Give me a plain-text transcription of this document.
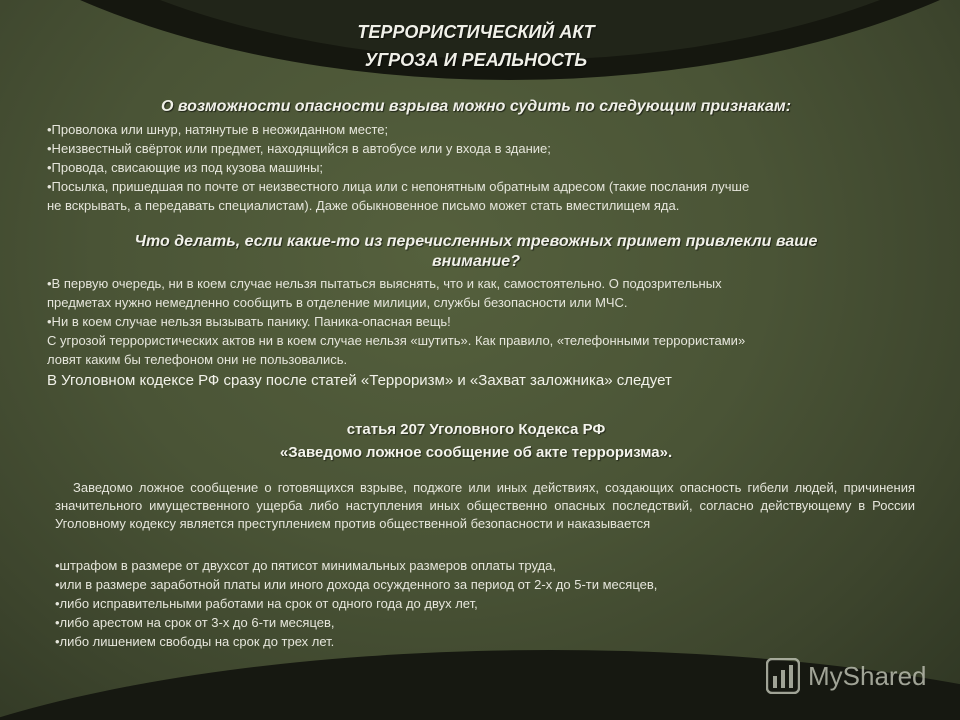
ТЕРРОРИСТИЧЕСКИЙ АКТ
УГРОЗА И РЕАЛЬНОСТЬ
О возможности опасности взрыва можно судить по следующим признакам:
•Проволока или шнур, натянутые в неожиданном месте;
•Неизвестный свёрток или предмет, находящийся в автобусе или у входа в здание;
•Провода, свисающие из под кузова машины;
•Посылка, пришедшая по почте от неизвестного лица или с непонятным обратным адресом (такие послания лучше
не вскрывать, а передавать специалистам). Даже обыкновенное письмо может стать вместилищем яда.
Что делать, если какие-то из перечисленных тревожных примет привлекли ваше
внимание?
•В первую очередь, ни в коем случае нельзя пытаться выяснять, что и как, самостоятельно. О подозрительных
предметах нужно немедленно сообщить в отделение милиции, службы безопасности или МЧС.
•Ни в коем случае нельзя вызывать панику. Паника-опасная вещь!
С угрозой террористических актов ни в коем случае нельзя «шутить». Как правило, «телефонными террористами»
ловят каким бы телефоном они не пользовались.
В Уголовном кодексе РФ сразу после статей «Терроризм» и «Захват заложника» следует
статья 207 Уголовного Кодекса РФ
«Заведомо ложное сообщение об акте терроризма».
Заведомо ложное сообщение о готовящихся взрыве, поджоге или иных действиях, создающих опасность гибели людей, причинения значительного имущественного ущерба либо наступления иных общественно опасных последствий, согласно действующему в России Уголовному кодексу является преступлением против общественной безопасности и наказывается
•штрафом в размере от двухсот до пятисот минимальных размеров оплаты труда,
•или в размере заработной платы или иного дохода осужденного за период от 2-х до 5-ти месяцев,
•либо исправительными работами на срок от одного года до двух лет,
•либо арестом на срок от 3-х до 6-ти месяцев,
•либо лишением свободы на срок до трех лет.
MyShared
